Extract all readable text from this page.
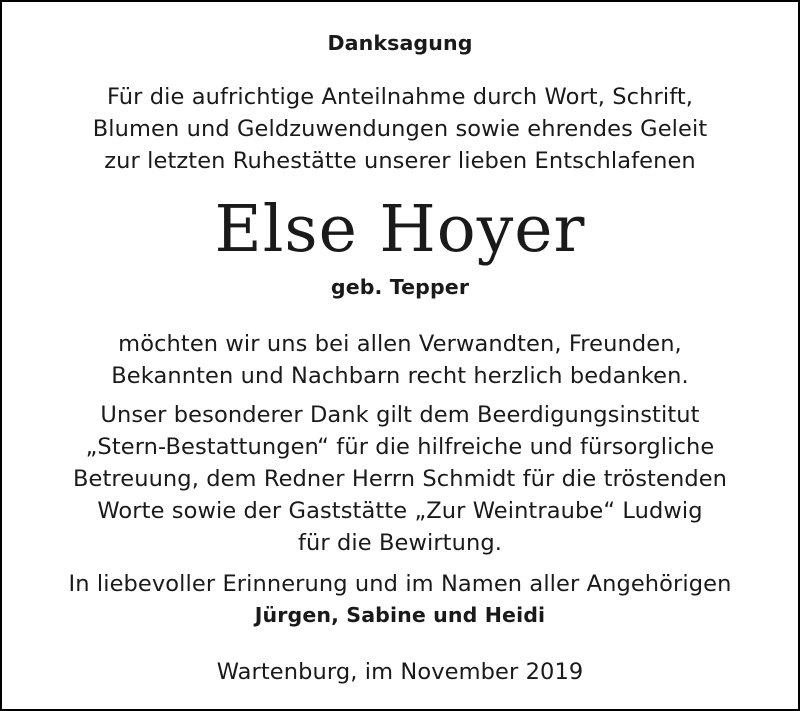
Danksagung

Für die aufrichtige Anteilnahme durch Wort, Schrift,

Blumen und Geldzuwendungen sowie ehrendes Geleit

zur letzten Ruhestätte unserer lieben Entschlafenen

Else Hoyer

geb. Tepper

möchten wir uns bei allen Verwandten, Freunden,

Bekannten und Nachbarn recht herzlich bedanken.

Unser besonderer Dank gilt dem Beerdigungsinstitut

„Stern-Bestattungen“ für die hilfreiche und fürsorgliche

Betreuung, dem Redner Herrn Schmidt für die tröstenden

Worte sowie der Gaststätte „Zur Weintraube“ Ludwig

für die Bewirtung.

In liebevoller Erinnerung und im Namen aller Angehörigen

Jürgen, Sabine und Heidi

Wartenburg, im November 2019
